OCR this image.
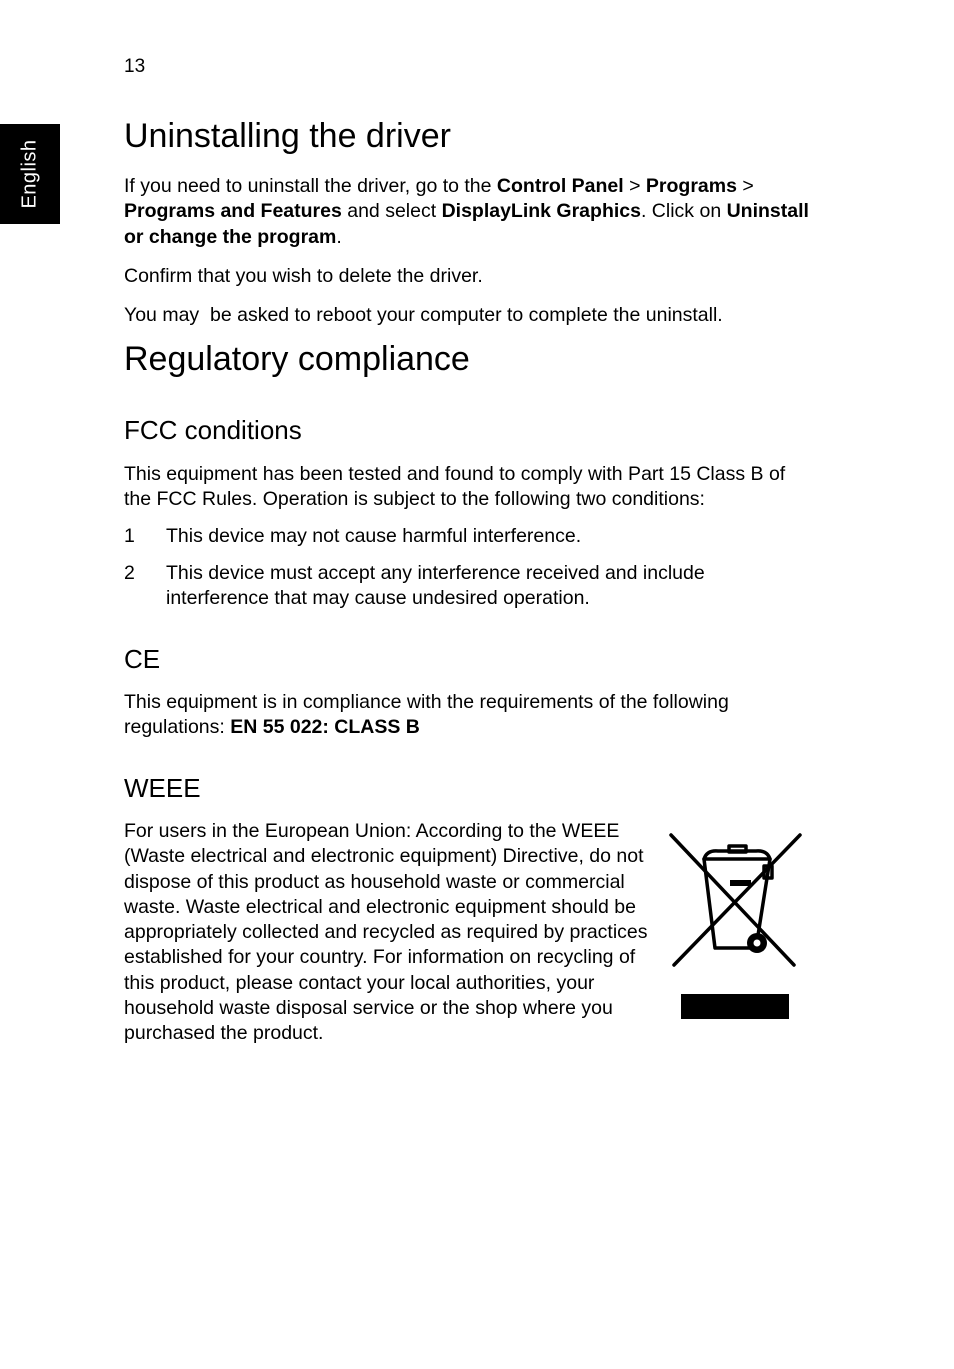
13
English
Uninstalling the driver

If you need to uninstall the driver, go to the Control Panel > Programs > Programs and Features and select DisplayLink Graphics. Click on Uninstall or change the program.

Confirm that you wish to delete the driver.

You may  be asked to reboot your computer to complete the uninstall.

Regulatory compliance
FCC conditions

This equipment has been tested and found to comply with Part 15 Class B of the FCC Rules. Operation is subject to the following two conditions:

1 This device may not cause harmful interference.
2 This device must accept any interference received and include interference that may cause undesired operation.
CE

This equipment is in compliance with the requirements of the following regulations: EN 55 022: CLASS B

WEEE

For users in the European Union: According to the WEEE (Waste electrical and electronic equipment) Directive, do not dispose of this product as household waste or commercial waste. Waste electrical and electronic equipment should be appropriately collected and recycled as required by practices established for your country. For information on recycling of this product, please contact your local authorities, your household waste disposal service or the shop where you purchased the product.
